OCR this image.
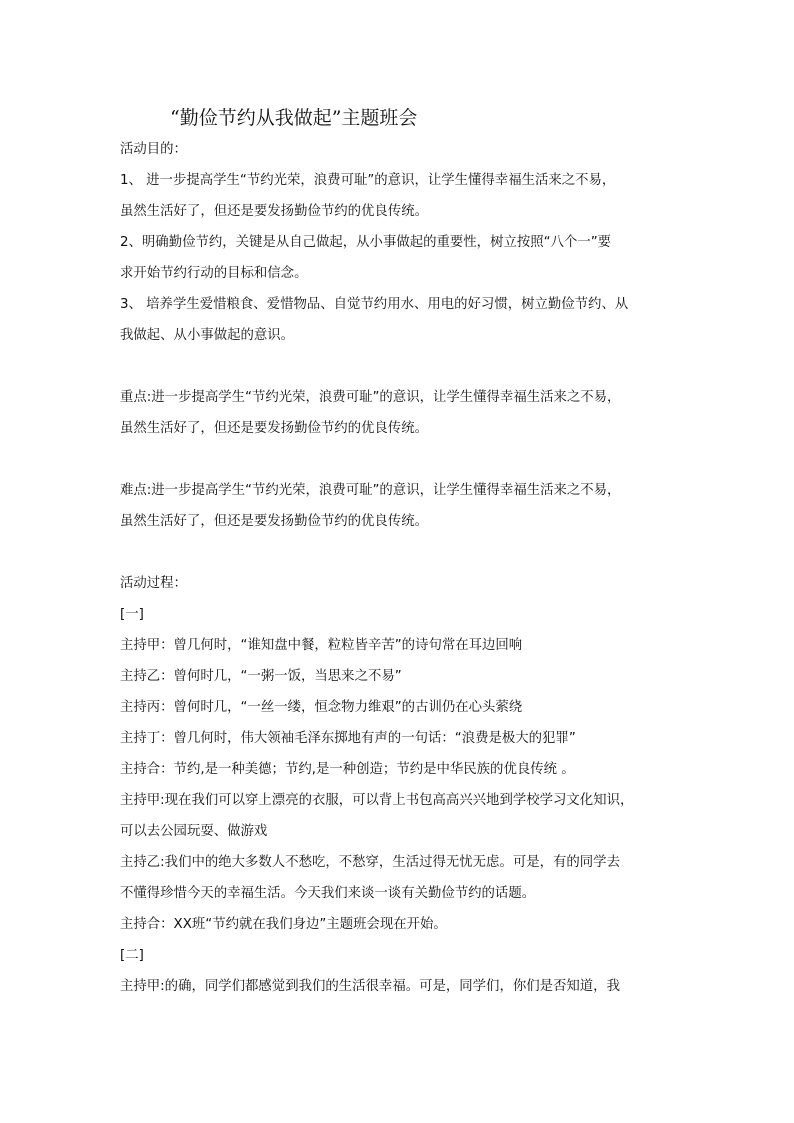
“勤俭节约从我做起”主题班会

活动目的：

1、 进一步提高学生“节约光荣，浪费可耻”的意识，让学生懂得幸福生活来之不易，

虽然生活好了，但还是要发扬勤俭节约的优良传统。

2、明确勤俭节约，关键是从自己做起，从小事做起的重要性，树立按照“八个一”要

求开始节约行动的目标和信念。

3、 培养学生爱惜粮食、爱惜物品、自觉节约用水、用电的好习惯，树立勤俭节约、从

我做起、从小事做起的意识。

重点:进一步提高学生“节约光荣，浪费可耻”的意识，让学生懂得幸福生活来之不易，

虽然生活好了，但还是要发扬勤俭节约的优良传统。

难点:进一步提高学生“节约光荣，浪费可耻”的意识，让学生懂得幸福生活来之不易，

虽然生活好了，但还是要发扬勤俭节约的优良传统。

活动过程：

[一]

主持甲：曾几何时，“谁知盘中餐，粒粒皆辛苦”的诗句常在耳边回响

主持乙：曾何时几，“一粥一饭，当思来之不易”

主持丙：曾何时几，“一丝一缕，恒念物力维艰”的古训仍在心头萦绕

主持丁：曾几何时，伟大领袖毛泽东掷地有声的一句话：“浪费是极大的犯罪”

主持合：节约,是一种美德；节约,是一种创造；节约是中华民族的优良传统 。

主持甲:现在我们可以穿上漂亮的衣服，可以背上书包高高兴兴地到学校学习文化知识，

可以去公园玩耍、做游戏

主持乙:我们中的绝大多数人不愁吃，不愁穿，生活过得无忧无虑。可是，有的同学去

不懂得珍惜今天的幸福生活。今天我们来谈一谈有关勤俭节约的话题。

主持合：XX班“节约就在我们身边”主题班会现在开始。

[二]

主持甲:的确，同学们都感觉到我们的生活很幸福。可是，同学们，你们是否知道，我
